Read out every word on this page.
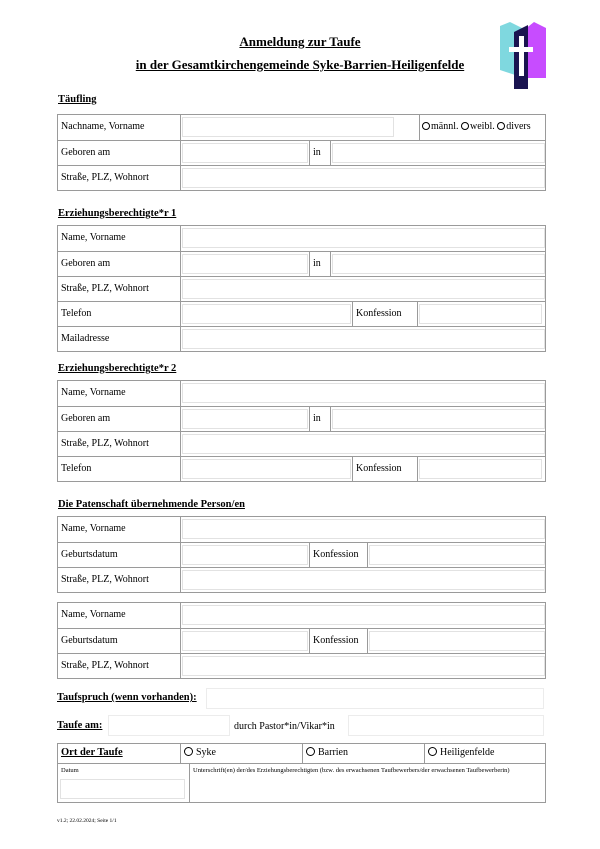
Anmeldung zur Taufe
in der Gesamtkirchengemeinde Syke-Barrien-Heiligenfelde
Täufling
Nachname, Vorname	männl. weibl. divers
Geboren am	in
Straße, PLZ, Wohnort
Erziehungsberechtigte*r 1
Name, Vorname
Geboren am	in
Straße, PLZ, Wohnort
Telefon	Konfession
Mailadresse
Erziehungsberechtigte*r 2
Name, Vorname
Geboren am	in
Straße, PLZ, Wohnort
Telefon	Konfession
Die Patenschaft übernehmende Person/en
Name, Vorname
Geburtsdatum	Konfession
Straße, PLZ, Wohnort
Name, Vorname
Geburtsdatum	Konfession
Straße, PLZ, Wohnort
Taufspruch (wenn vorhanden):
Taufe am:	durch Pastor*in/Vikar*in
Ort der Taufe	Syke	Barrien	Heiligenfelde
Datum	Unterschrift(en) der/des Erziehungsberechtigten (bzw. des erwachsenen Taufbewerbers/der erwachsenen Taufbewerberin)
v1.2; 22.02.2024; Seite 1/1
